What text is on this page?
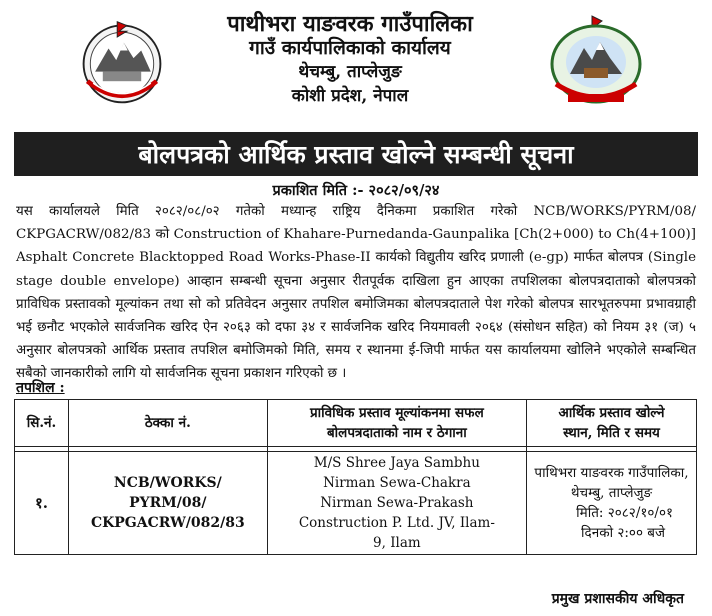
पाथीभरा याङवरक गाउँपालिका
गाउँ कार्यपालिकाको कार्यालय
थेचम्बु, ताप्लेजुङ
कोशी प्रदेश, नेपाल
बोलपत्रको आर्थिक प्रस्ताव खोल्ने सम्बन्धी सूचना
प्रकाशित मिति :- २०८२/०९/२४
यस कार्यालयले मिति २०८२/०८/०२ गतेको मध्यान्ह राष्ट्रिय दैनिकमा प्रकाशित गरेको NCB/WORKS/PYRM/08/ CKPGACRW/082/83 को Construction of Khahare-Purnedanda-Gaunpalika [Ch(2+000) to Ch(4+100)] Asphalt Concrete Blacktopped Road Works-Phase-II कार्यको विद्युतीय खरिद प्रणाली (e-gp) मार्फत बोलपत्र (Single stage double envelope) आव्हान सम्बन्धी सूचना अनुसार रीतपूर्वक दाखिला हुन आएका तपशिलका बोलपत्रदाताको बोलपत्रको प्राविधिक प्रस्तावको मूल्यांकन तथा सो को प्रतिवेदन अनुसार तपशिल बमोजिमका बोलपत्रदाताले पेश गरेको बोलपत्र सारभूतरुपमा प्रभावग्राही भई छनौट भएकोले सार्वजनिक खरिद ऐन २०६३ को दफा ३४ र सार्वजनिक खरिद नियमावली २०६४ (संसोधन सहित) को नियम ३१ (ज) ५ अनुसार बोलपत्रको आर्थिक प्रस्ताव तपशिल बमोजिमको मिति, समय र स्थानमा ई-जिपी मार्फत यस कार्यालयमा खोलिने भएकोले सम्बन्धित सबैको जानकारीको लागि यो सार्वजनिक सूचना प्रकाशन गरिएको छ ।
तपशिल :
सि.नं.	ठेक्का नं.	प्राविधिक प्रस्ताव मूल्यांकनमा सफल बोलपत्रदाताको नाम र ठेगाना	आर्थिक प्रस्ताव खोल्ने स्थान, मिति र समय

१.	NCB/WORKS/ PYRM/08/ CKPGACRW/082/83	M/S Shree Jaya Sambhu Nirman Sewa-Chakra Nirman Sewa-Prakash Construction P. Ltd. JV, Ilam-9, Ilam	पाथिभरा याङवरक गाउँपालिका,
थेचम्बु, ताप्लेजुङ
मिति: २०८२/१०/०१
दिनको २:०० बजे
प्रमुख प्रशासकीय अधिकृत
